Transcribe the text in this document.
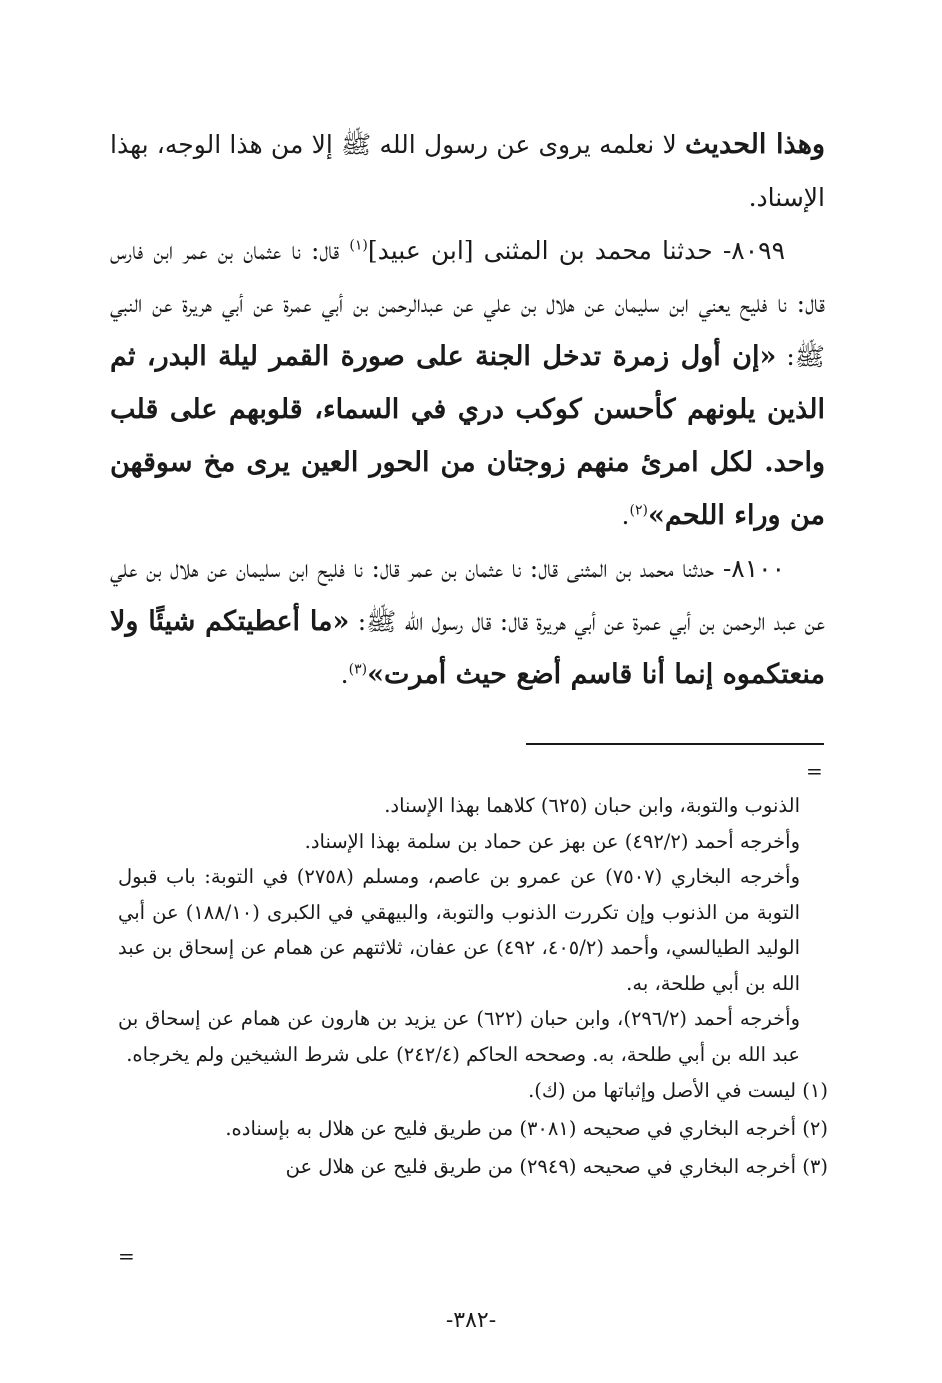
وهذا الحديث لا نعلمه يروى عن رسول الله ﷺ إلا من هذا الوجه، بهذا الإسناد.

٨٠٩٩- حدثنا محمد بن المثنى [ابن عبيد]$^{(١)}$ قال: نا عثمان بن عمر ابن فارس قال: نا فليح يعني ابن سليمان عن هلال بن علي عن عبدالرحمن بن أبي عمرة عن أبي هريرة عن النبي ﷺ: «إن أول زمرة تدخل الجنة على صورة القمر ليلة البدر، ثم الذين يلونهم كأحسن كوكب دري في السماء، قلوبهم على قلب واحد. لكل امرئ منهم زوجتان من الحور العين يرى مخ سوقهن من وراء اللحم»$^{(٢)}$.

٨١٠٠- حدثنا محمد بن المثنى قال: نا عثمان بن عمر قال: نا فليح ابن سليمان عن هلال بن علي عن عبد الرحمن بن أبي عمرة عن أبي هريرة قال: قال رسول الله ﷺ: «ما أعطيتكم شيئًا ولا منعتكموه إنما أنا قاسم أضع حيث أمرت»$^{(٣)}$.

=

الذنوب والتوبة، وابن حبان (٦٢٥) كلاهما بهذا الإسناد.

وأخرجه أحمد (٤٩٢/٢) عن بهز عن حماد بن سلمة بهذا الإسناد.

وأخرجه البخاري (٧٥٠٧) عن عمرو بن عاصم، ومسلم (٢٧٥٨) في التوبة: باب قبول التوبة من الذنوب وإن تكررت الذنوب والتوبة، والبيهقي في الكبرى (١٨٨/١٠) عن أبي الوليد الطيالسي، وأحمد (٤٠٥/٢، ٤٩٢) عن عفان، ثلاثتهم عن همام عن إسحاق بن عبد الله بن أبي طلحة، به.

وأخرجه أحمد (٢٩٦/٢)، وابن حبان (٦٢٢) عن يزيد بن هارون عن همام عن إسحاق بن عبد الله بن أبي طلحة، به. وصححه الحاكم (٢٤٢/٤) على شرط الشيخين ولم يخرجاه.

(١) ليست في الأصل وإثباتها من (ك).

(٢) أخرجه البخاري في صحيحه (٣٠٨١) من طريق فليح عن هلال به بإسناده.

(٣) أخرجه البخاري في صحيحه (٢٩٤٩) من طريق فليح عن هلال عن

=
-٣٨٢-
